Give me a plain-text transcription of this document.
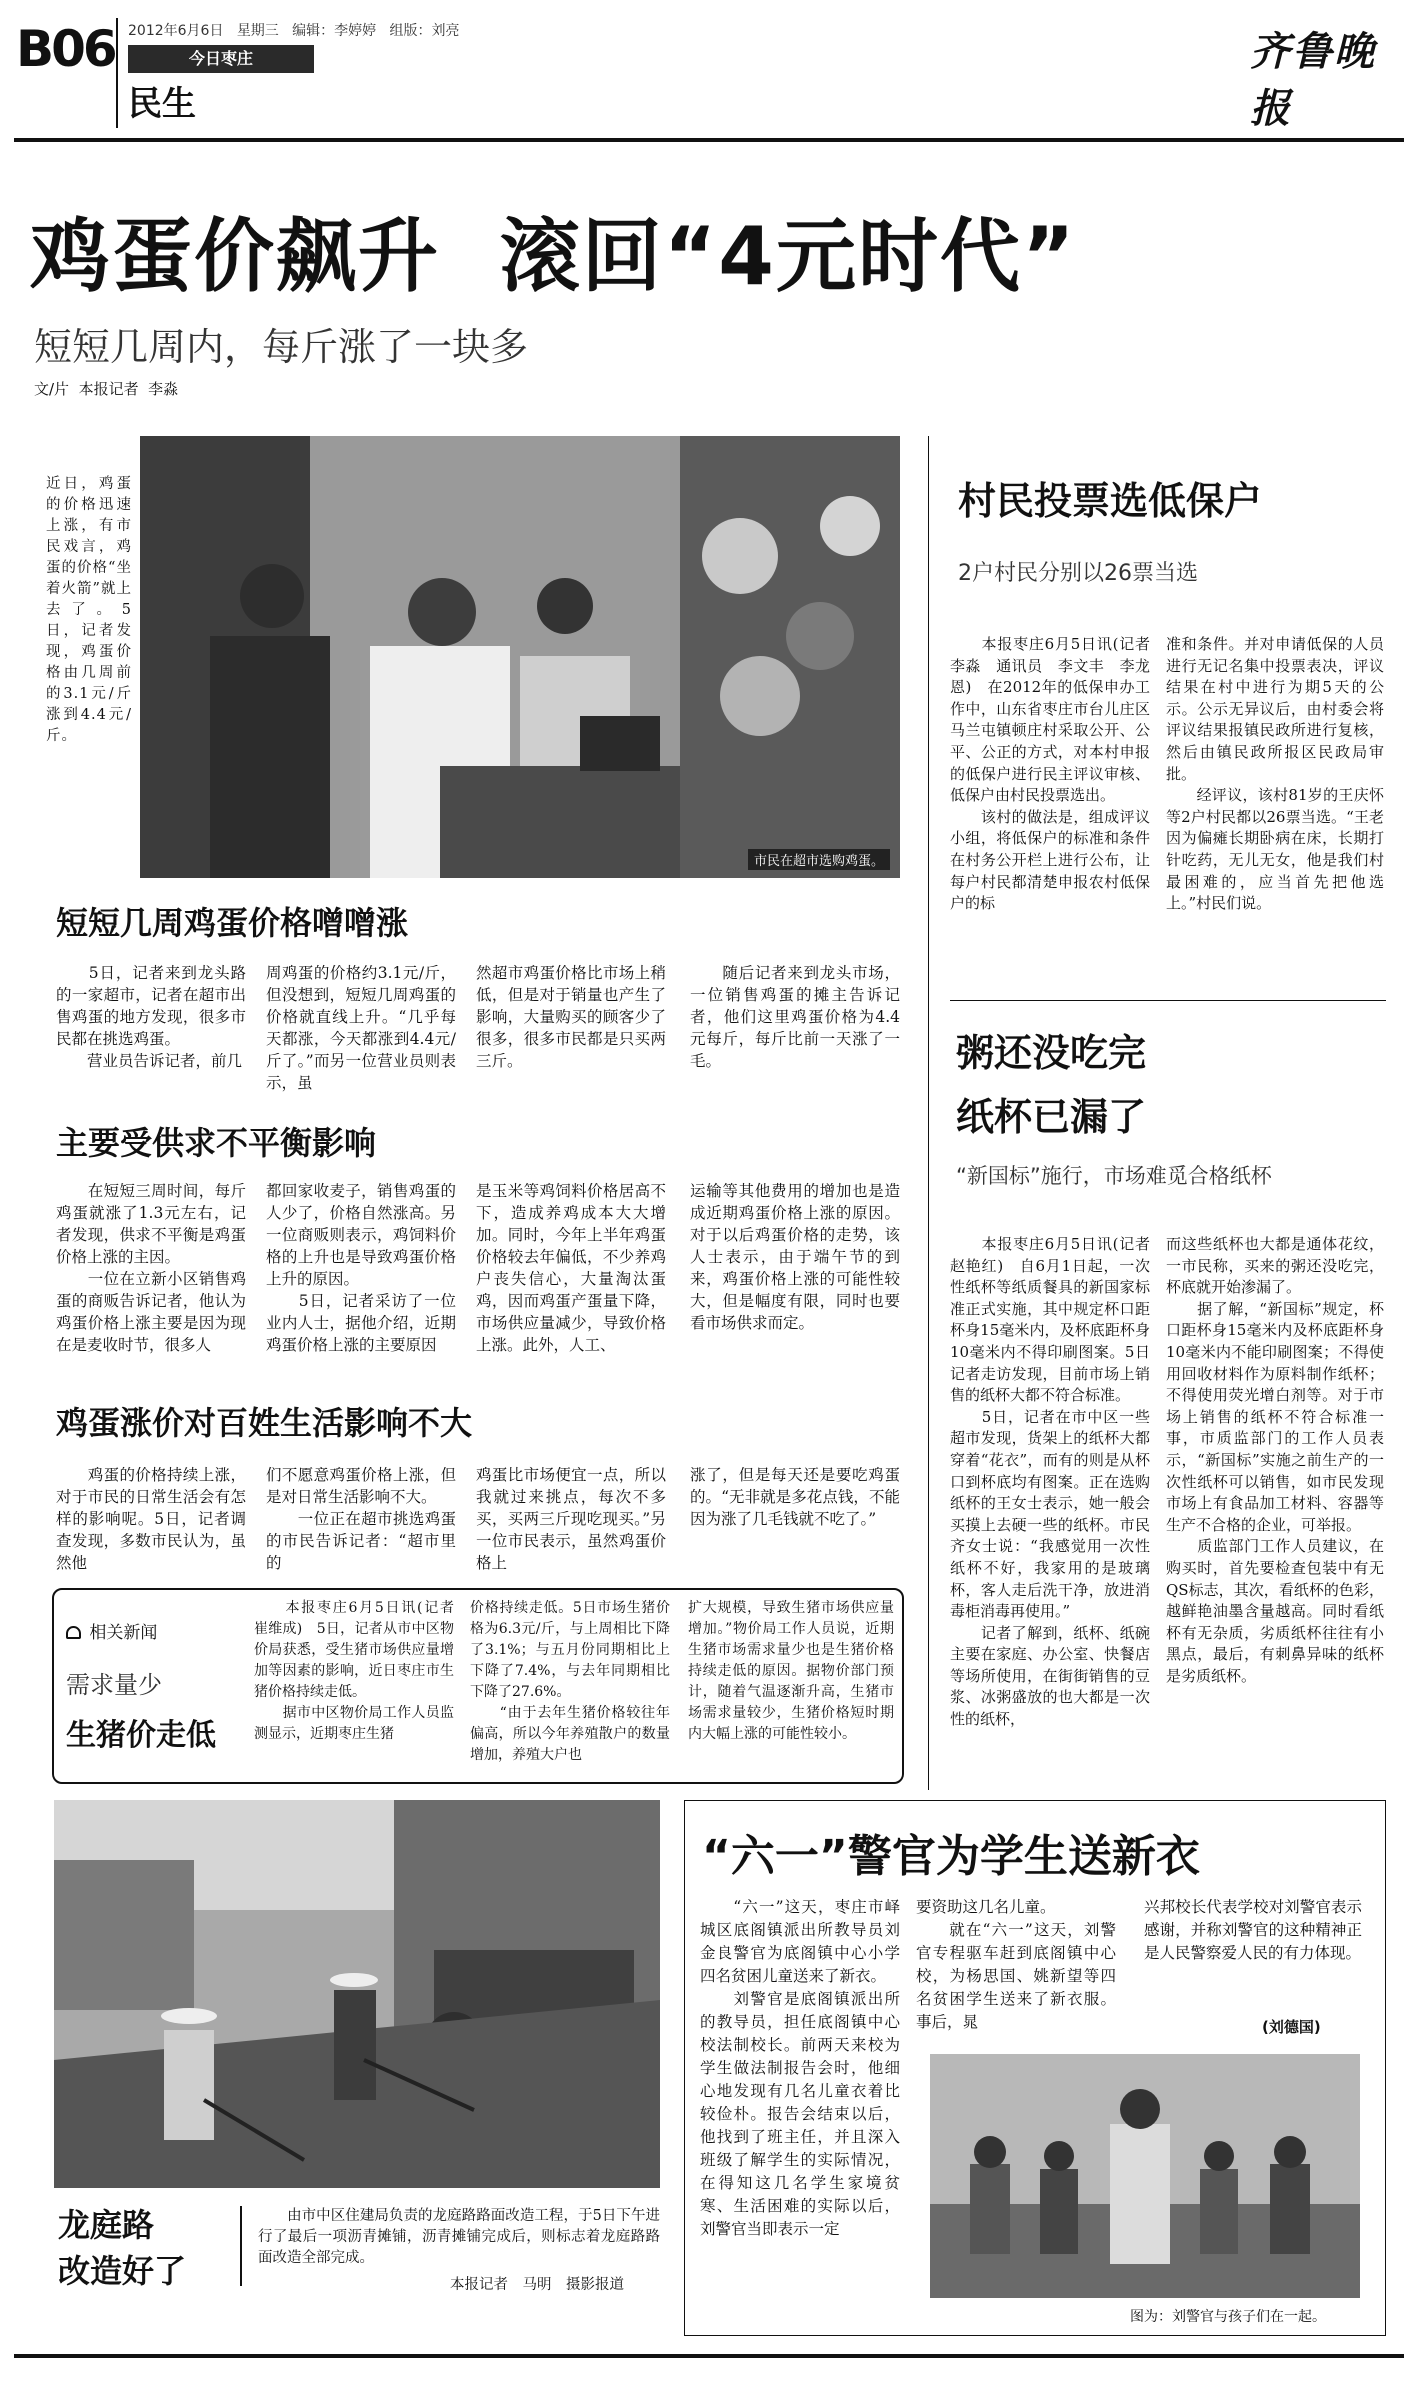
B06 2012年6月6日 星期三 编辑：李婷婷 组版：刘亮
今日枣庄
民生
齐鲁晚报
鸡蛋价飙升  滚回“4元时代”
短短几周内，每斤涨了一块多
文/片  本报记者  李淼
近日，鸡蛋的价格迅速上涨，有市民戏言，鸡蛋的价格“坐着火箭”就上去了。5日，记者发现，鸡蛋价格由几周前的3.1元/斤涨到4.4元/斤。
市民在超市选购鸡蛋。
短短几周鸡蛋价格噌噌涨
　　5日，记者来到龙头路的一家超市，记者在超市出售鸡蛋的地方发现，很多市民都在挑选鸡蛋。
　　营业员告诉记者，前几
周鸡蛋的价格约3.1元/斤，但没想到，短短几周鸡蛋的价格就直线上升。“几乎每天都涨，今天都涨到4.4元/斤了。”而另一位营业员则表示，虽
然超市鸡蛋价格比市场上稍低，但是对于销量也产生了影响，大量购买的顾客少了很多，很多市民都是只买两三斤。
　　随后记者来到龙头市场，一位销售鸡蛋的摊主告诉记者，他们这里鸡蛋价格为4.4元每斤，每斤比前一天涨了一毛。
主要受供求不平衡影响
　　在短短三周时间，每斤鸡蛋就涨了1.3元左右，记者发现，供求不平衡是鸡蛋价格上涨的主因。
　　一位在立新小区销售鸡蛋的商贩告诉记者，他认为鸡蛋价格上涨主要是因为现在是麦收时节，很多人
都回家收麦子，销售鸡蛋的人少了，价格自然涨高。另一位商贩则表示，鸡饲料价格的上升也是导致鸡蛋价格上升的原因。
　　5日，记者采访了一位业内人士，据他介绍，近期鸡蛋价格上涨的主要原因
是玉米等鸡饲料价格居高不下，造成养鸡成本大大增加。同时，今年上半年鸡蛋价格较去年偏低，不少养鸡户丧失信心，大量淘汰蛋鸡，因而鸡蛋产蛋量下降，市场供应量减少，导致价格上涨。此外，人工、
运输等其他费用的增加也是造成近期鸡蛋价格上涨的原因。对于以后鸡蛋价格的走势，该人士表示，由于端午节的到来，鸡蛋价格上涨的可能性较大，但是幅度有限，同时也要看市场供求而定。
鸡蛋涨价对百姓生活影响不大
　　鸡蛋的价格持续上涨，对于市民的日常生活会有怎样的影响呢。5日，记者调查发现，多数市民认为，虽然他
们不愿意鸡蛋价格上涨，但是对日常生活影响不大。
　　一位正在超市挑选鸡蛋的市民告诉记者：“超市里的
鸡蛋比市场便宜一点，所以我就过来挑点，每次不多买，买两三斤现吃现买。”另一位市民表示，虽然鸡蛋价格上
涨了，但是每天还是要吃鸡蛋的。“无非就是多花点钱，不能因为涨了几毛钱就不吃了。”
相关新闻
需求量少
生猪价走低
　　本报枣庄6月5日讯(记者　崔维成)　5日，记者从市中区物价局获悉，受生猪市场供应量增加等因素的影响，近日枣庄市生猪价格持续走低。
　　据市中区物价局工作人员监测显示，近期枣庄生猪
价格持续走低。5日市场生猪价格为6.3元/斤，与上周相比下降了3.1%；与五月份同期相比上下降了7.4%，与去年同期相比下降了27.6%。
　　“由于去年生猪价格较往年偏高，所以今年养殖散户的数量增加，养殖大户也
扩大规模，导致生猪市场供应量增加。”物价局工作人员说，近期生猪市场需求量少也是生猪价格持续走低的原因。据物价部门预计，随着气温逐渐升高，生猪市场需求量较少，生猪价格短时期内大幅上涨的可能性较小。
村民投票选低保户
2户村民分别以26票当选
　　本报枣庄6月5日讯(记者　李淼　通讯员　李文丰　李龙恩)　在2012年的低保申办工作中，山东省枣庄市台儿庄区马兰屯镇顿庄村采取公开、公平、公正的方式，对本村申报的低保户进行民主评议审核、低保户由村民投票选出。
　　该村的做法是，组成评议小组，将低保户的标准和条件在村务公开栏上进行公布，让每户村民都清楚申报农村低保户的标
准和条件。并对申请低保的人员进行无记名集中投票表决，评议结果在村中进行为期5天的公示。公示无异议后，由村委会将评议结果报镇民政所进行复核，然后由镇民政所报区民政局审批。
　　经评议，该村81岁的王庆怀等2户村民都以26票当选。“王老因为偏瘫长期卧病在床，长期打针吃药，无儿无女，他是我们村最困难的，应当首先把他选上。”村民们说。
粥还没吃完
纸杯已漏了
“新国标”施行，市场难觅合格纸杯
　　本报枣庄6月5日讯(记者　赵艳红)　自6月1日起，一次性纸杯等纸质餐具的新国家标准正式实施，其中规定杯口距杯身15毫米内，及杯底距杯身10毫米内不得印刷图案。5日记者走访发现，目前市场上销售的纸杯大都不符合标准。
　　5日，记者在市中区一些超市发现，货架上的纸杯大都穿着“花衣”，而有的则是从杯口到杯底均有图案。正在选购纸杯的王女士表示，她一般会买摸上去硬一些的纸杯。市民齐女士说：“我感觉用一次性纸杯不好，我家用的是玻璃杯，客人走后洗干净，放进消毒柜消毒再使用。”
　　记者了解到，纸杯、纸碗主要在家庭、办公室、快餐店等场所使用，在街街销售的豆浆、冰粥盛放的也大都是一次性的纸杯，
而这些纸杯也大都是通体花纹，一市民称，买来的粥还没吃完，杯底就开始渗漏了。
　　据了解，“新国标”规定，杯口距杯身15毫米内及杯底距杯身10毫米内不能印刷图案；不得使用回收材料作为原料制作纸杯；不得使用荧光增白剂等。对于市场上销售的纸杯不符合标准一事，市质监部门的工作人员表示，“新国标”实施之前生产的一次性纸杯可以销售，如市民发现市场上有食品加工材料、容器等生产不合格的企业，可举报。
　　质监部门工作人员建议，在购买时，首先要检查包装中有无QS标志，其次，看纸杯的色彩，越鲜艳油墨含量越高。同时看纸杯有无杂质，劣质纸杯往往有小黑点，最后，有刺鼻异味的纸杯是劣质纸杯。
龙庭路
改造好了
　　由市中区住建局负责的龙庭路路面改造工程，于5日下午进行了最后一项沥青摊铺，沥青摊铺完成后，则标志着龙庭路路面改造全部完成。
本报记者　马明　摄影报道
“六一”警官为学生送新衣
　　“六一”这天，枣庄市峄城区底阁镇派出所教导员刘金良警官为底阁镇中心小学四名贫困儿童送来了新衣。
　　刘警官是底阁镇派出所的教导员，担任底阁镇中心校法制校长。前两天来校为学生做法制报告会时，他细心地发现有几名儿童衣着比较俭朴。报告会结束以后，他找到了班主任，并且深入班级了解学生的实际情况，在得知这几名学生家境贫寒、生活困难的实际以后，刘警官当即表示一定
要资助这几名儿童。
　　就在“六一”这天，刘警官专程驱车赶到底阁镇中心校，为杨思国、姚新望等四名贫困学生送来了新衣服。事后，晁
兴邦校长代表学校对刘警官表示感谢，并称刘警官的这种精神正是人民警察爱人民的有力体现。
(刘德国)
图为：刘警官与孩子们在一起。
